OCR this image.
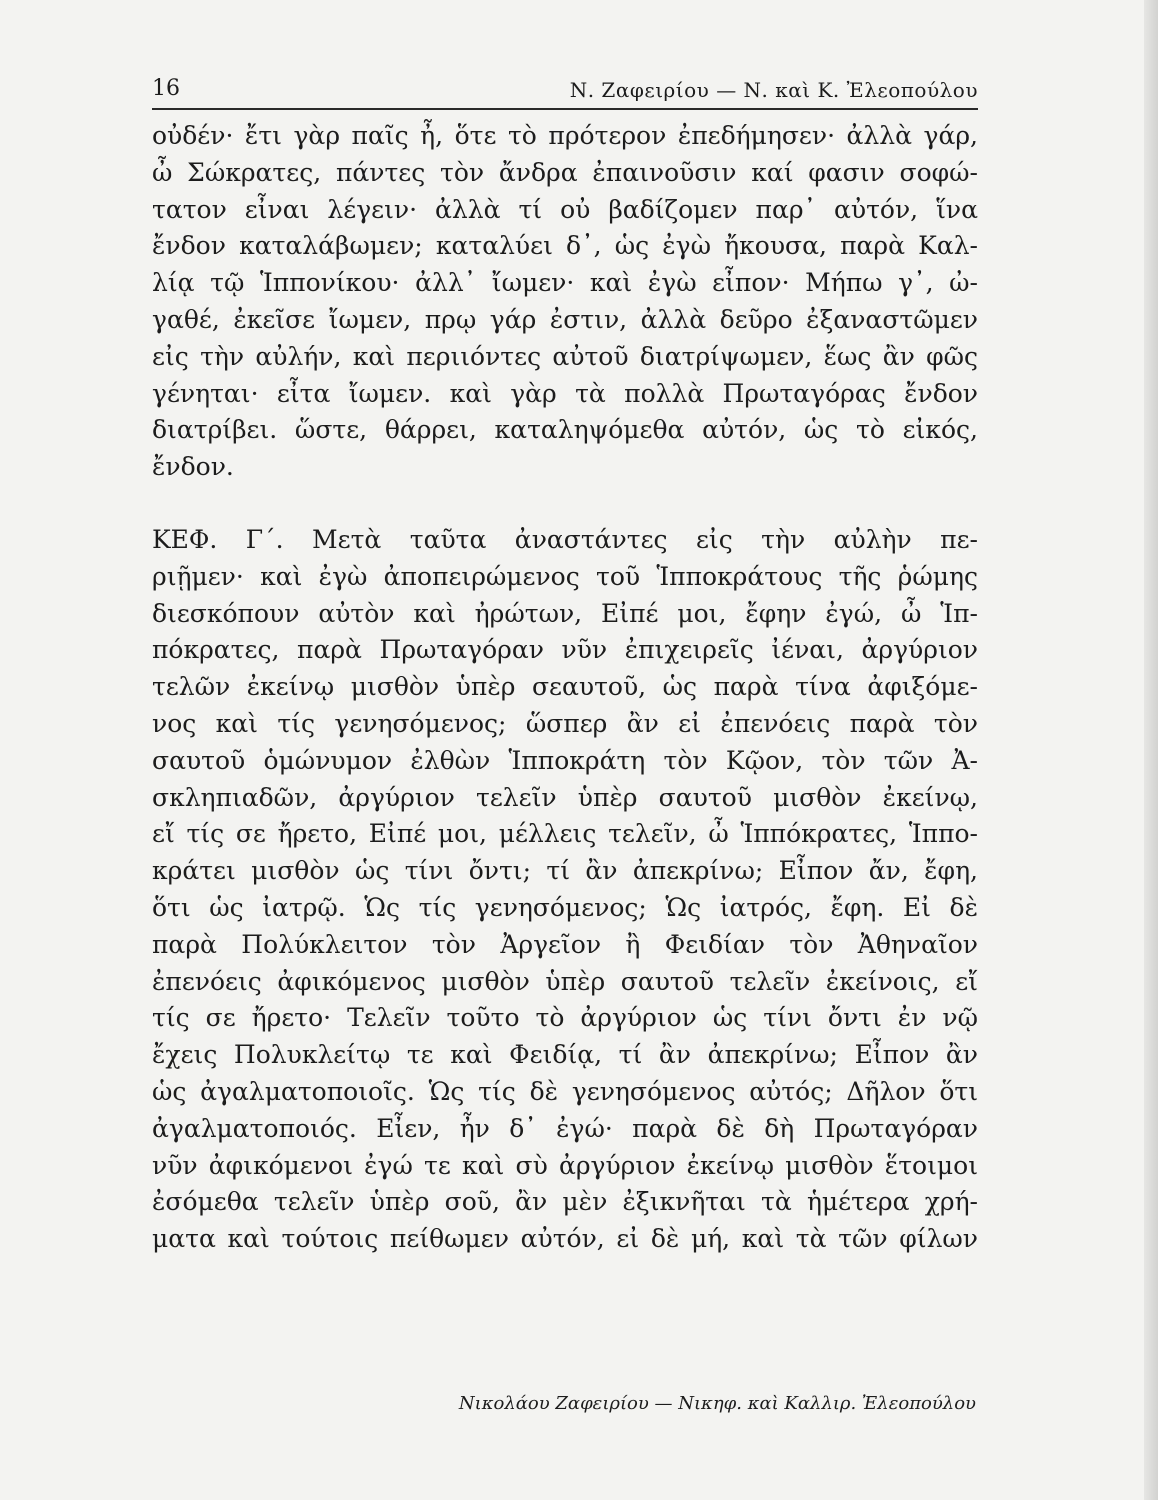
16	Ν. Ζαφειρίου — Ν. καὶ Κ. Ἐλεοπούλου
οὐδέν· ἔτι γὰρ παῖς ἦ, ὅτε τὸ πρότερον ἐπεδήμησεν· ἀλλὰ γάρ,
ὦ Σώκρατες, πάντες τὸν ἄνδρα ἐπαινοῦσιν καί φασιν σοφώ-
τατον εἶναι λέγειν· ἀλλὰ τί οὐ βαδίζομεν παρ᾽ αὐτόν, ἵνα
ἔνδον καταλάβωμεν; καταλύει δ᾽, ὡς ἐγὼ ἤκουσα, παρὰ Καλ-
λίᾳ τῷ Ἱππονίκου· ἀλλ᾽ ἴωμεν· καὶ ἐγὼ εἶπον· Μήπω γ᾽, ὠ-
γαθέ, ἐκεῖσε ἴωμεν, πρῳ γάρ ἐστιν, ἀλλὰ δεῦρο ἐξαναστῶμεν
εἰς τὴν αὐλήν, καὶ περιιόντες αὐτοῦ διατρίψωμεν, ἕως ἂν φῶς
γένηται· εἶτα ἴωμεν. καὶ γὰρ τὰ πολλὰ Πρωταγόρας ἔνδον
διατρίβει. ὥστε, θάρρει, καταληψόμεθα αὐτόν, ὡς τὸ εἰκός,
ἔνδον.
ΚΕΦ. Γ΄. Μετὰ ταῦτα ἀναστάντες εἰς τὴν αὐλὴν πε-
ριῇμεν· καὶ ἐγὼ ἀποπειρώμενος τοῦ Ἱπποκράτους τῆς ῥώμης
διεσκόπουν αὐτὸν καὶ ἠρώτων, Εἰπέ μοι, ἔφην ἐγώ, ὦ Ἱπ-
πόκρατες, παρὰ Πρωταγόραν νῦν ἐπιχειρεῖς ἰέναι, ἀργύριον
τελῶν ἐκείνῳ μισθὸν ὑπὲρ σεαυτοῦ, ὡς παρὰ τίνα ἀφιξόμε-
νος καὶ τίς γενησόμενος; ὥσπερ ἂν εἰ ἐπενόεις παρὰ τὸν
σαυτοῦ ὁμώνυμον ἐλθὼν Ἱπποκράτη τὸν Κῷον, τὸν τῶν Ἀ-
σκληπιαδῶν, ἀργύριον τελεῖν ὑπὲρ σαυτοῦ μισθὸν ἐκείνῳ,
εἴ τίς σε ἤρετο, Εἰπέ μοι, μέλλεις τελεῖν, ὦ Ἱππόκρατες, Ἱππο-
κράτει μισθὸν ὡς τίνι ὄντι; τί ἂν ἀπεκρίνω; Εἶπον ἄν, ἔφη,
ὅτι ὡς ἰατρῷ. Ὡς τίς γενησόμενος; Ὡς ἰατρός, ἔφη. Εἰ δὲ
παρὰ Πολύκλειτον τὸν Ἀργεῖον ἢ Φειδίαν τὸν Ἀθηναῖον
ἐπενόεις ἀφικόμενος μισθὸν ὑπὲρ σαυτοῦ τελεῖν ἐκείνοις, εἴ
τίς σε ἤρετο· Τελεῖν τοῦτο τὸ ἀργύριον ὡς τίνι ὄντι ἐν νῷ
ἔχεις Πολυκλείτῳ τε καὶ Φειδίᾳ, τί ἂν ἀπεκρίνω; Εἶπον ἂν
ὡς ἀγαλματοποιοῖς. Ὡς τίς δὲ γενησόμενος αὐτός; Δῆλον ὅτι
ἀγαλματοποιός. Εἶεν, ἦν δ᾽ ἐγώ· παρὰ δὲ δὴ Πρωταγόραν
νῦν ἀφικόμενοι ἐγώ τε καὶ σὺ ἀργύριον ἐκείνῳ μισθὸν ἕτοιμοι
ἐσόμεθα τελεῖν ὑπὲρ σοῦ, ἂν μὲν ἐξικνῆται τὰ ἡμέτερα χρή-
ματα καὶ τούτοις πείθωμεν αὐτόν, εἰ δὲ μή, καὶ τὰ τῶν φίλων
Νικολάου Ζαφειρίου — Νικηφ. καὶ Καλλιρ. Ἐλεοπούλου
